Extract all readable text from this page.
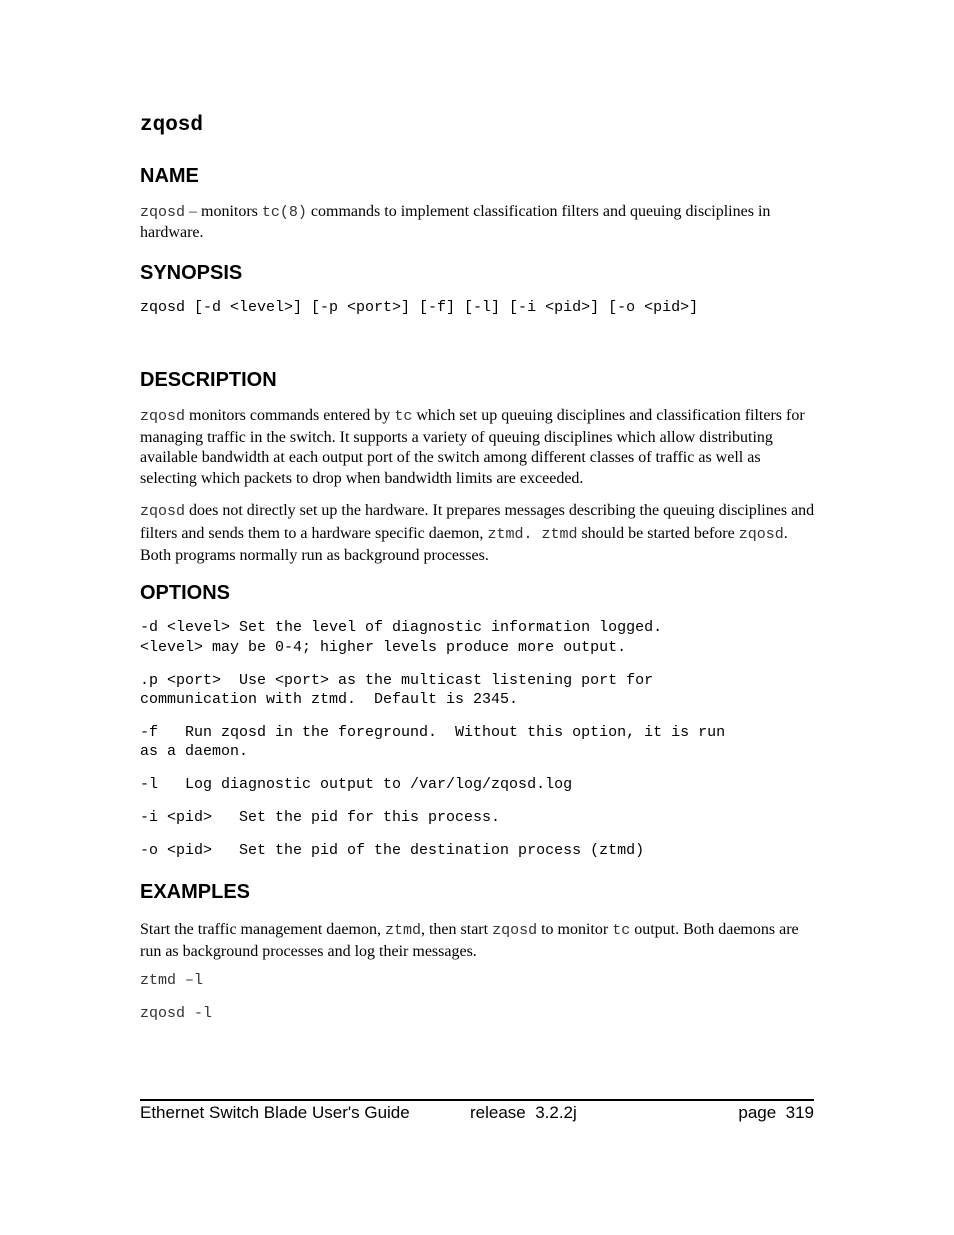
zqosd
NAME
zqosd – monitors tc(8) commands to implement classification filters and queuing disciplines in hardware.
SYNOPSIS
zqosd [-d <level>] [-p <port>] [-f] [-l] [-i <pid>] [-o <pid>]
DESCRIPTION
zqosd monitors commands entered by tc which set up queuing disciplines and classification filters for managing traffic in the switch. It supports a variety of queuing disciplines which allow distributing available bandwidth at each output port of the switch among different classes of traffic as well as selecting which packets to drop when bandwidth limits are exceeded.
zqosd does not directly set up the hardware. It prepares messages describing the queuing disciplines and filters and sends them to a hardware specific daemon, ztmd. ztmd should be started before zqosd. Both programs normally run as background processes.
OPTIONS
-d <level> Set the level of diagnostic information logged.
<level> may be 0-4; higher levels produce more output.
.p <port>  Use <port> as the multicast listening port for
communication with ztmd.  Default is 2345.
-f   Run zqosd in the foreground.  Without this option, it is run
as a daemon.
-l   Log diagnostic output to /var/log/zqosd.log
-i <pid>   Set the pid for this process.
-o <pid>   Set the pid of the destination process (ztmd)
EXAMPLES
Start the traffic management daemon, ztmd, then start zqosd to monitor tc output. Both daemons are run as background processes and log their messages.
ztmd –l
zqosd -l
Ethernet Switch Blade User's Guide	release  3.2.2j	page  319
